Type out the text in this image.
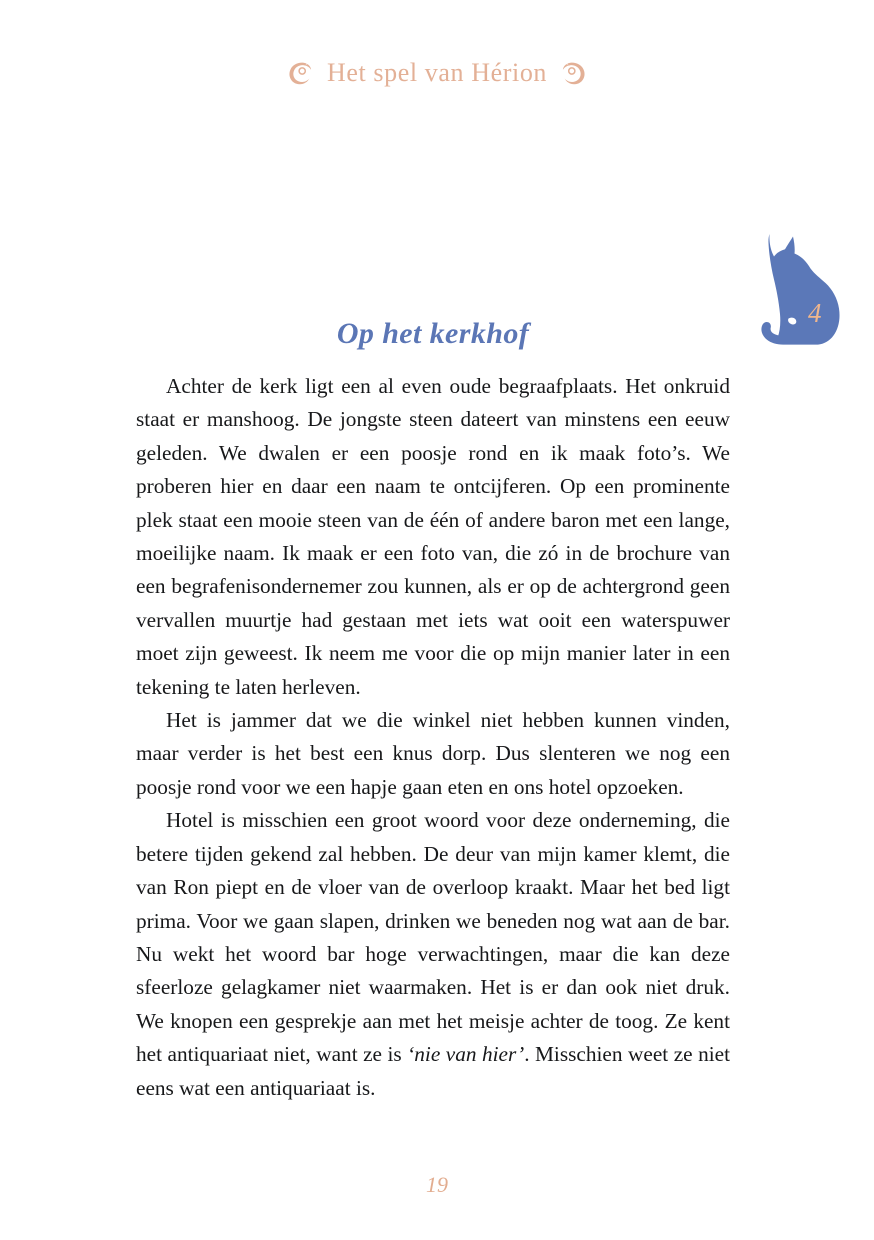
Het spel van Hérion
4
Op het kerkhof

Achter de kerk ligt een al even oude begraafplaats. Het onkruid staat er manshoog. De jongste steen dateert van minstens een eeuw geleden. We dwalen er een poosje rond en ik maak foto’s. We proberen hier en daar een naam te ontcijferen. Op een prominente plek staat een mooie steen van de één of andere baron met een lange, moeilijke naam. Ik maak er een foto van, die zó in de brochure van een begrafenisondernemer zou kunnen, als er op de achtergrond geen vervallen muurtje had gestaan met iets wat ooit een waterspuwer moet zijn geweest. Ik neem me voor die op mijn manier later in een tekening te laten herleven.

Het is jammer dat we die winkel niet hebben kunnen vinden, maar verder is het best een knus dorp. Dus slenteren we nog een poosje rond voor we een hapje gaan eten en ons hotel opzoeken.

Hotel is misschien een groot woord voor deze onderneming, die betere tijden gekend zal hebben. De deur van mijn kamer klemt, die van Ron piept en de vloer van de overloop kraakt. Maar het bed ligt prima. Voor we gaan slapen, drinken we beneden nog wat aan de bar. Nu wekt het woord bar hoge verwachtingen, maar die kan deze sfeerloze gelagkamer niet waarmaken. Het is er dan ook niet druk. We knopen een gesprekje aan met het meisje achter de toog. Ze kent het antiquariaat niet, want ze is ‘nie van hier’. Misschien weet ze niet eens wat een antiquariaat is.

19
